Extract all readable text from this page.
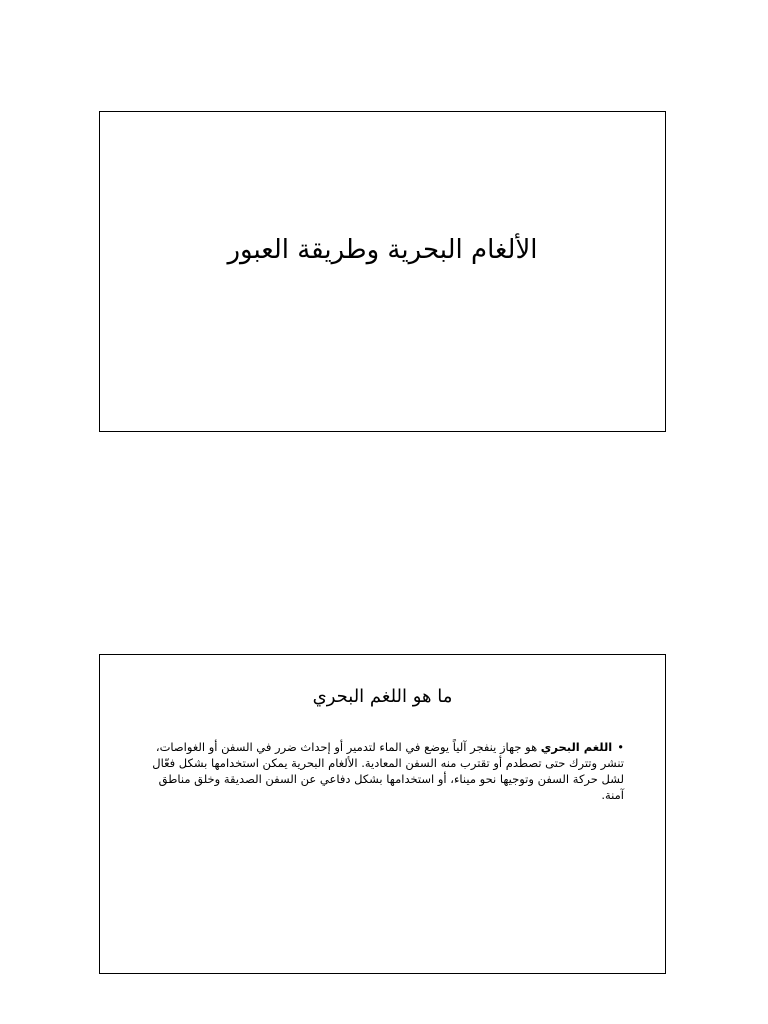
الألغام البحرية وطريقة العبور
ما هو اللغم البحري
•اللغم البحري هو جهاز ينفجر آلياً يوضع في الماء لتدمير أو إحداث ضرر في السفن أو الغواصات، تنشر وتترك حتى تصطدم أو تقترب منه السفن المعادية. الألغام البحرية يمكن استخدامها بشكل فعّال لشل حركة السفن وتوجيها نحو ميناء، أو استخدامها بشكل دفاعي عن السفن الصديقة وخلق مناطق آمنة.
